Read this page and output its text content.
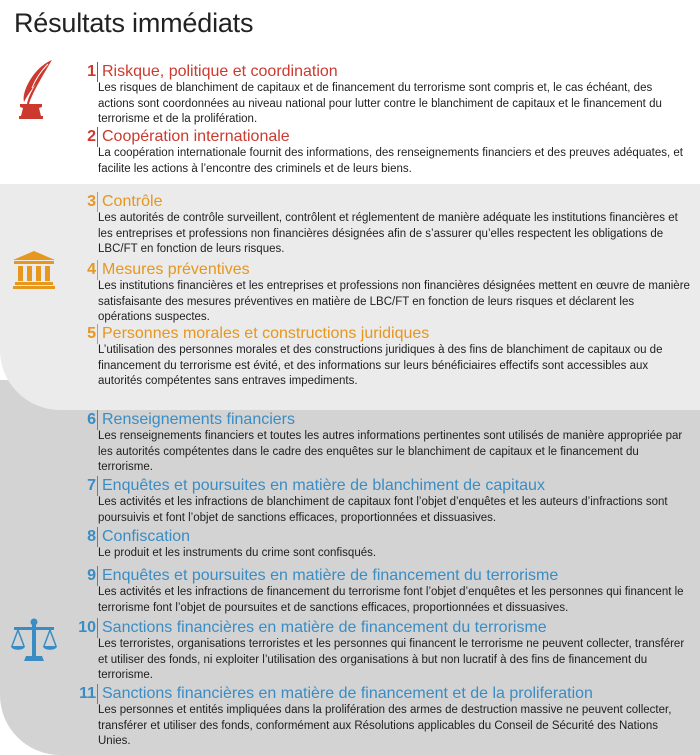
Résultats immédiats
1 Riskque, politique et coordination
Les risques de blanchiment de capitaux et de financement du terrorisme sont compris et, le cas échéant, des actions sont coordonnées au niveau national pour lutter contre le blanchiment de capitaux et le financement du terrorisme et de la prolifération.
2 Coopération internationale
La coopération internationale fournit des informations, des renseignements financiers et des preuves adéquates, et facilite les actions à l’encontre des criminels et de leurs biens.
3 Contrôle
Les autorités de contrôle surveillent, contrôlent et réglementent de manière adéquate les institutions financières et les entreprises et professions non financières désignées afin de s’assurer qu’elles respectent les obligations de LBC/FT en fonction de leurs risques.
4 Mesures préventives
Les institutions financières et les entreprises et professions non financières désignées mettent en œuvre de manière satisfaisante des mesures préventives en matière de LBC/FT en fonction de leurs risques et déclarent les opérations suspectes.
5 Personnes morales et constructions juridiques
L’utilisation des personnes morales et des constructions juridiques à des fins de blanchiment de capitaux ou de financement du terrorisme est évité, et des informations sur leurs bénéficiaires effectifs sont accessibles aux autorités compétentes sans entraves impediments.
6 Renseignements financiers
Les renseignements financiers et toutes les autres informations pertinentes sont utilisés de manière appropriée par les autorités compétentes dans le cadre des enquêtes sur le blanchiment de capitaux et le financement du terrorisme.
7 Enquêtes et poursuites en matière de blanchiment de capitaux
Les activités et les infractions de blanchiment de capitaux font l’objet d’enquêtes et les auteurs d’infractions sont poursuivis et font l’objet de sanctions efficaces, proportionnées et dissuasives.
8 Confiscation
Le produit et les instruments du crime sont confisqués.
9 Enquêtes et poursuites en matière de financement du terrorisme
Les activités et les infractions de financement du terrorisme font l’objet d’enquêtes et les personnes qui financent le terrorisme font l’objet de poursuites et de sanctions efficaces, proportionnées et dissuasives.
10 Sanctions financières en matière de financement du terrorisme
Les terroristes, organisations terroristes et les personnes qui financent le terrorisme ne peuvent collecter, transférer et utiliser des fonds, ni exploiter l’utilisation des organisations à but non lucratif à des fins de financement du terrorisme.
11 Sanctions financières en matière de financement et de la proliferation
Les personnes et entités impliquées dans la prolifération des armes de destruction massive ne peuvent collecter, transférer et utiliser des fonds, conformément aux Résolutions applicables du Conseil de Sécurité des Nations Unies.
